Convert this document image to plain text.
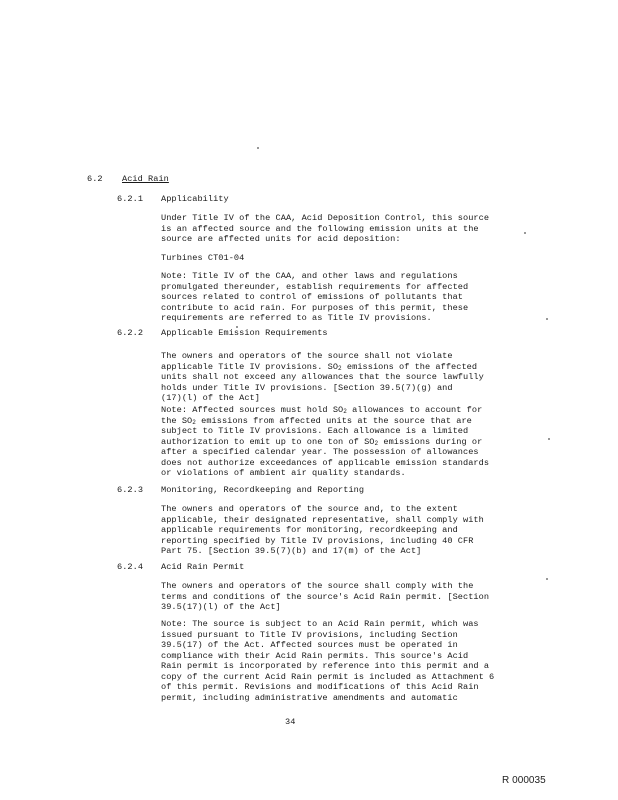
6.2 Acid Rain
6.2.1 Applicability
Under Title IV of the CAA, Acid Deposition Control, this source
is an affected source and the following emission units at the
source are affected units for acid deposition:
Turbines CT01-04
Note: Title IV of the CAA, and other laws and regulations
promulgated thereunder, establish requirements for affected
sources related to control of emissions of pollutants that
contribute to acid rain. For purposes of this permit, these
requirements are referred to as Title IV provisions.
6.2.2 Applicable Emission Requirements
The owners and operators of the source shall not violate
applicable Title IV provisions. $SO_2$ emissions of the affected
units shall not exceed any allowances that the source lawfully
holds under Title IV provisions. [Section 39.5(7)(g) and
(17)(l) of the Act]
Note: Affected sources must hold $SO_2$ allowances to account for
the $SO_2$ emissions from affected units at the source that are
subject to Title IV provisions. Each allowance is a limited
authorization to emit up to one ton of $SO_2$ emissions during or
after a specified calendar year. The possession of allowances
does not authorize exceedances of applicable emission standards
or violations of ambient air quality standards.
6.2.3 Monitoring, Recordkeeping and Reporting
The owners and operators of the source and, to the extent
applicable, their designated representative, shall comply with
applicable requirements for monitoring, recordkeeping and
reporting specified by Title IV provisions, including 40 CFR
Part 75. [Section 39.5(7)(b) and 17(m) of the Act]
6.2.4 Acid Rain Permit
The owners and operators of the source shall comply with the
terms and conditions of the source's Acid Rain permit. [Section
39.5(17)(l) of the Act]
Note: The source is subject to an Acid Rain permit, which was
issued pursuant to Title IV provisions, including Section
39.5(17) of the Act. Affected sources must be operated in
compliance with their Acid Rain permits. This source's Acid
Rain permit is incorporated by reference into this permit and a
copy of the current Acid Rain permit is included as Attachment 6
of this permit. Revisions and modifications of this Acid Rain
permit, including administrative amendments and automatic
34
R 000035
